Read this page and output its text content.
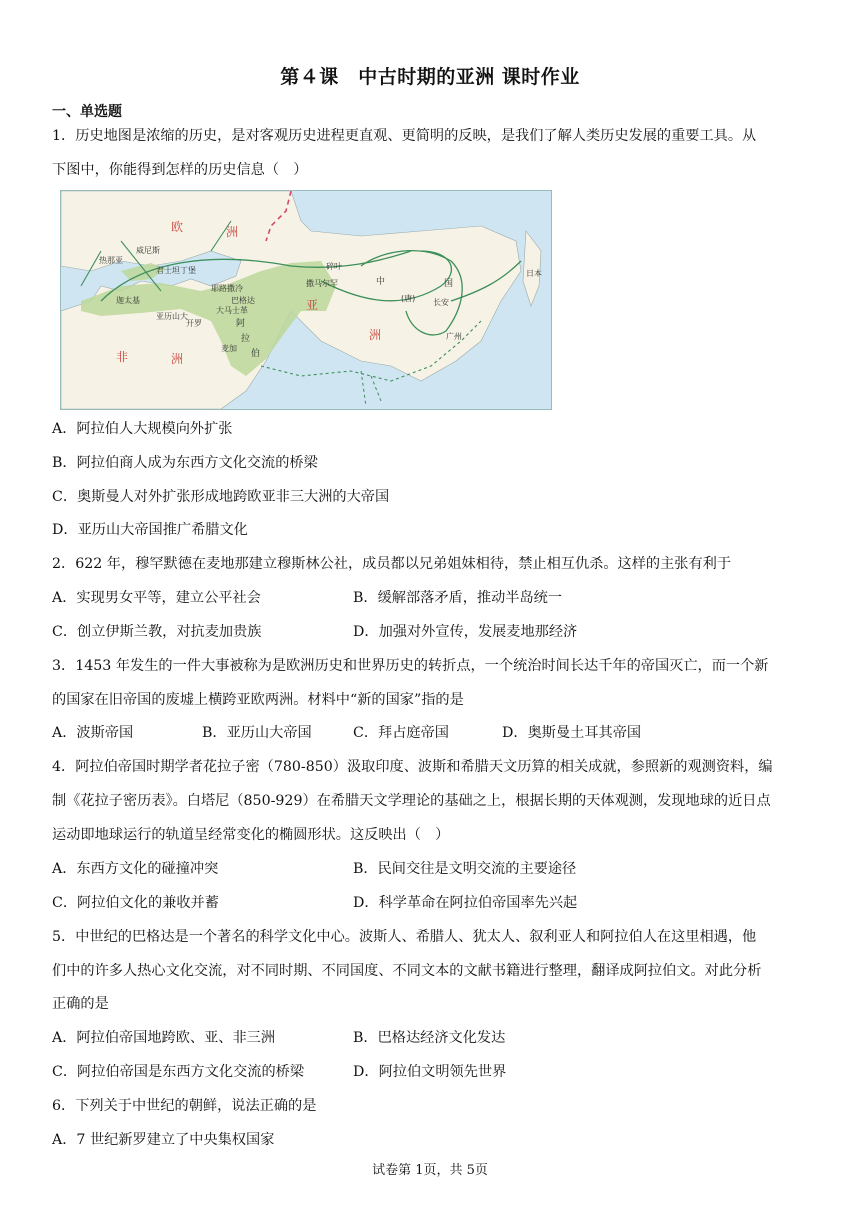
第４课　中古时期的亚洲 课时作业
一、单选题
1．历史地图是浓缩的历史，是对客观历史进程更直观、更简明的反映，是我们了解人类历史发展的重要工具。从
下图中，你能得到怎样的历史信息（　）
欧	洲
非	洲
亚
洲
中	国
(唐) 长安
广州
碎叶
撒马尔罕
威尼斯
热那亚
君士坦丁堡
巴格达
大马士革
迦太基
亚历山大
开罗
麦加
耶路撒冷
阿
拉
伯
日本
A．阿拉伯人大规模向外扩张
B．阿拉伯商人成为东西方文化交流的桥梁
C．奥斯曼人对外扩张形成地跨欧亚非三大洲的大帝国
D．亚历山大帝国推广希腊文化
2．622 年，穆罕默德在麦地那建立穆斯林公社，成员都以兄弟姐妹相待，禁止相互仇杀。这样的主张有利于
A．实现男女平等，建立公平社会	B．缓解部落矛盾，推动半岛统一
C．创立伊斯兰教，对抗麦加贵族	D．加强对外宣传，发展麦地那经济
3．1453 年发生的一件大事被称为是欧洲历史和世界历史的转折点，一个统治时间长达千年的帝国灭亡，而一个新
的国家在旧帝国的废墟上横跨亚欧两洲。材料中“新的国家”指的是
A．波斯帝国	B．亚历山大帝国	C．拜占庭帝国	D．奥斯曼土耳其帝国
4．阿拉伯帝国时期学者花拉子密（780-850）汲取印度、波斯和希腊天文历算的相关成就，参照新的观测资料，编
制《花拉子密历表》。白塔尼（850-929）在希腊天文学理论的基础之上，根据长期的天体观测，发现地球的近日点
运动即地球运行的轨道呈经常变化的椭圆形状。这反映出（　）
A．东西方文化的碰撞冲突	B．民间交往是文明交流的主要途径
C．阿拉伯文化的兼收并蓄	D．科学革命在阿拉伯帝国率先兴起
5．中世纪的巴格达是一个著名的科学文化中心。波斯人、希腊人、犹太人、叙利亚人和阿拉伯人在这里相遇，他
们中的许多人热心文化交流，对不同时期、不同国度、不同文本的文献书籍进行整理，翻译成阿拉伯文。对此分析
正确的是
A．阿拉伯帝国地跨欧、亚、非三洲	B．巴格达经济文化发达
C．阿拉伯帝国是东西方文化交流的桥梁	D．阿拉伯文明领先世界
6．下列关于中世纪的朝鲜，说法正确的是
A．7 世纪新罗建立了中央集权国家
试卷第 1页，共 5页
